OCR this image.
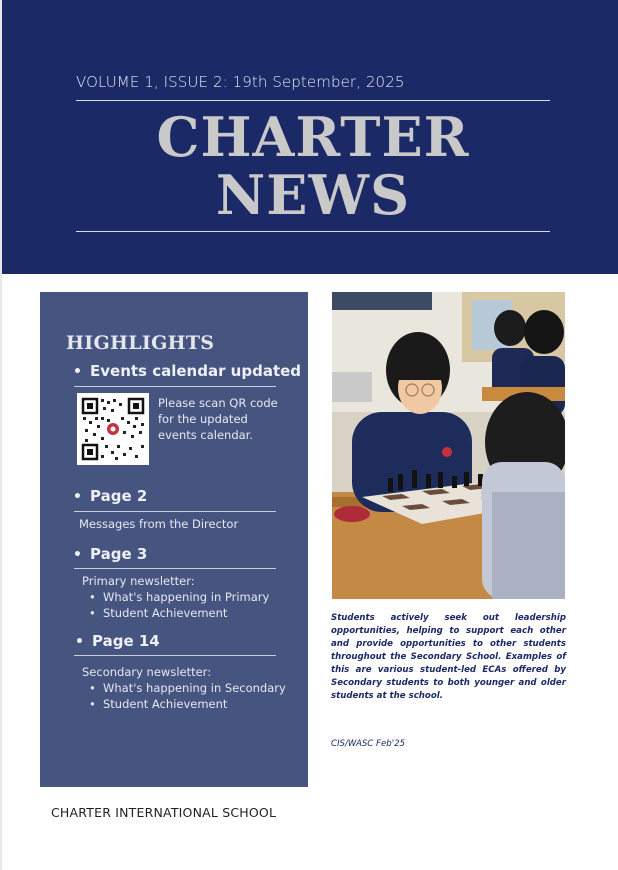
VOLUME 1, ISSUE 2: 19th September, 2025
CHARTER
NEWS
HIGHLIGHTS
• Events calendar updated
Please scan QR code for the updated events calendar.
• Page 2
Messages from the Director
• Page 3
Primary newsletter:
• What's happening in Primary
• Student Achievement
• Page 14
Secondary newsletter:
• What's happening in Secondary
• Student Achievement
Students actively seek out leadership opportunities, helping to support each other and provide opportunities to other students throughout the Secondary School. Examples of this are various student-led ECAs offered by Secondary students to both younger and older students at the school.
CIS/WASC Feb'25
CHARTER INTERNATIONAL SCHOOL
